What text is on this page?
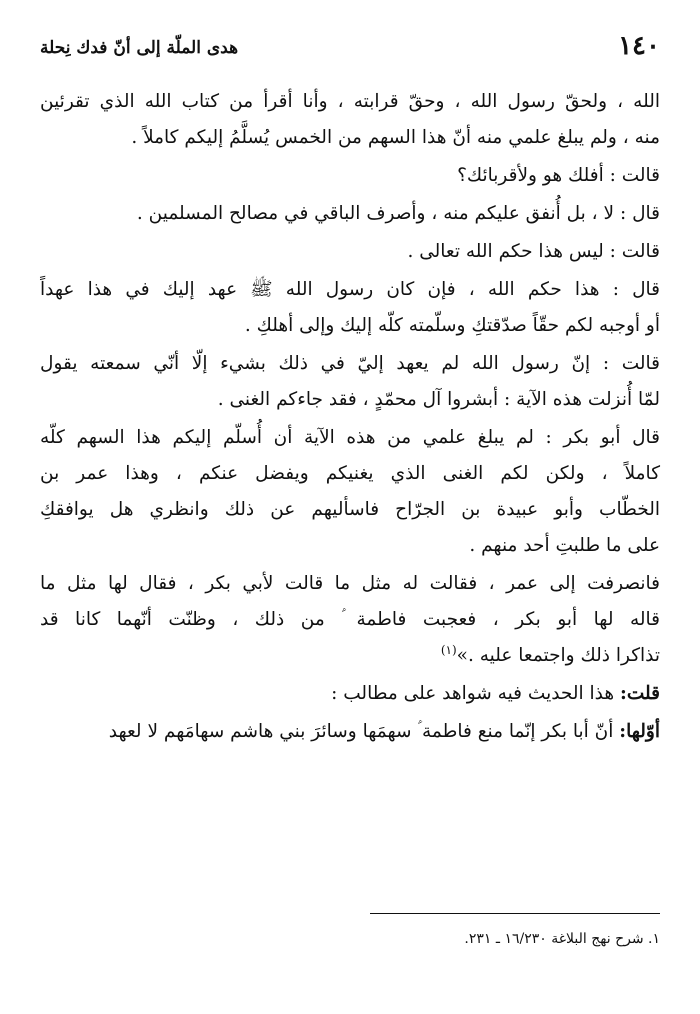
١٤٠
هدى الملّة إلى أنّ فدك نِحلة
الله ، ولحقّ رسول الله ، وحقّ قرابته ، وأنا أقرأ من كتاب الله الذي تقرئين
منه ، ولم يبلغ علمي منه أنّ هذا السهم من الخمس يُسلَّمُ إليكم كاملاً .
قالت : أفلك هو ولأقربائك؟
قال : لا ، بل أُنفق عليكم منه ، وأصرف الباقي في مصالح المسلمين .
قالت : ليس هذا حكم الله تعالى .
قال : هذا حكم الله ، فإن كان رسول الله ﷺ عهد إليك في هذا عهداً
أو أوجبه لكم حقّاً صدّقتكِ وسلّمته كلّه إليك وإلى أهلكِ .
قالت : إنّ رسول الله لم يعهد إليّ في ذلك بشيء إلّا أنّي سمعته يقول
لمّا أُنزلت هذه الآية : أبشروا آل محمّدٍ ، فقد جاءكم الغنى .
قال أبو بكر : لم يبلغ علمي من هذه الآية أن أُسلّم إليكم هذا السهم كلّه
كاملاً ، ولكن لكم الغنى الذي يغنيكم ويفضل عنكم ، وهذا عمر بن
الخطّاب وأبو عبيدة بن الجرّاح فاسأليهم عن ذلك وانظري هل يوافقكِ
على ما طلبتِ أحد منهم .
فانصرفت إلى عمر ، فقالت له مثل ما قالت لأبي بكر ، فقال لها مثل ما
قاله لها أبو بكر ، فعجبت فاطمة ؑ من ذلك ، وظنّت أنّهما كانا قد
تذاكرا ذلك واجتمعا عليه .»$^{(١)}$
قلت: هذا الحديث فيه شواهد على مطالب :
أوّلها: أنّ أبا بكر إنّما منع فاطمة ؑ سهمَها وسائرَ بني هاشم سهامَهم لا لعهد
١. شرح نهج البلاغة ١٦/٢٣٠ ـ ٢٣١.
